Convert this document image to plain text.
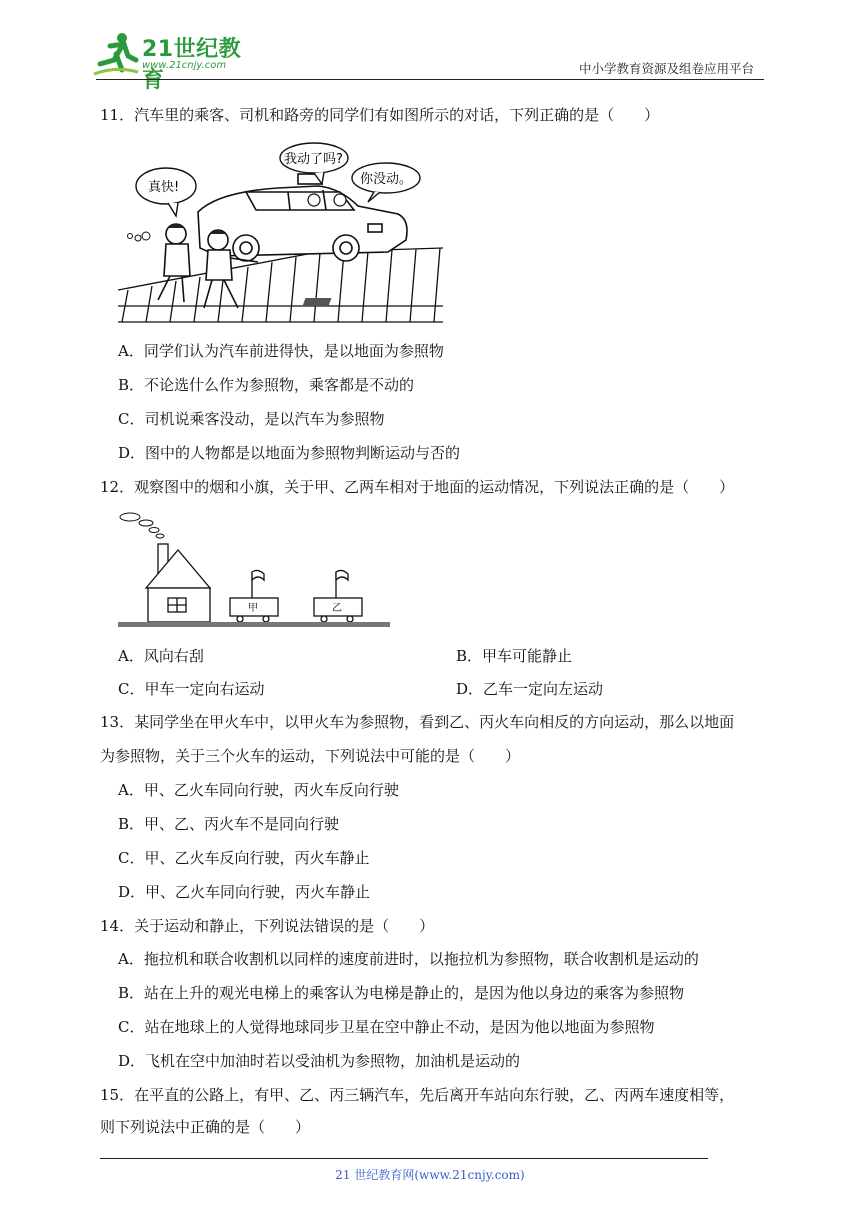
21世纪教育
www.21cnjy.com	中小学教育资源及组卷应用平台
11．汽车里的乘客、司机和路旁的同学们有如图所示的对话，下列正确的是（　　）
真快!
我动了吗?
你没动。
A．同学们认为汽车前进得快，是以地面为参照物
B．不论选什么作为参照物，乘客都是不动的
C．司机说乘客没动，是以汽车为参照物
D．图中的人物都是以地面为参照物判断运动与否的
12．观察图中的烟和小旗，关于甲、乙两车相对于地面的运动情况，下列说法正确的是（　　）
甲	乙
A．风向右刮	B．甲车可能静止
C．甲车一定向右运动	D．乙车一定向左运动
13．某同学坐在甲火车中，以甲火车为参照物，看到乙、丙火车向相反的方向运动，那么以地面
为参照物，关于三个火车的运动，下列说法中可能的是（　　）
A．甲、乙火车同向行驶，丙火车反向行驶
B．甲、乙、丙火车不是同向行驶
C．甲、乙火车反向行驶，丙火车静止
D．甲、乙火车同向行驶，丙火车静止
14．关于运动和静止，下列说法错误的是（　　）
A．拖拉机和联合收割机以同样的速度前进时，以拖拉机为参照物，联合收割机是运动的
B．站在上升的观光电梯上的乘客认为电梯是静止的，是因为他以身边的乘客为参照物
C．站在地球上的人觉得地球同步卫星在空中静止不动，是因为他以地面为参照物
D．飞机在空中加油时若以受油机为参照物，加油机是运动的
15．在平直的公路上，有甲、乙、丙三辆汽车，先后离开车站向东行驶，乙、丙两车速度相等，
则下列说法中正确的是（　　）
21 世纪教育网(www.21cnjy.com)
